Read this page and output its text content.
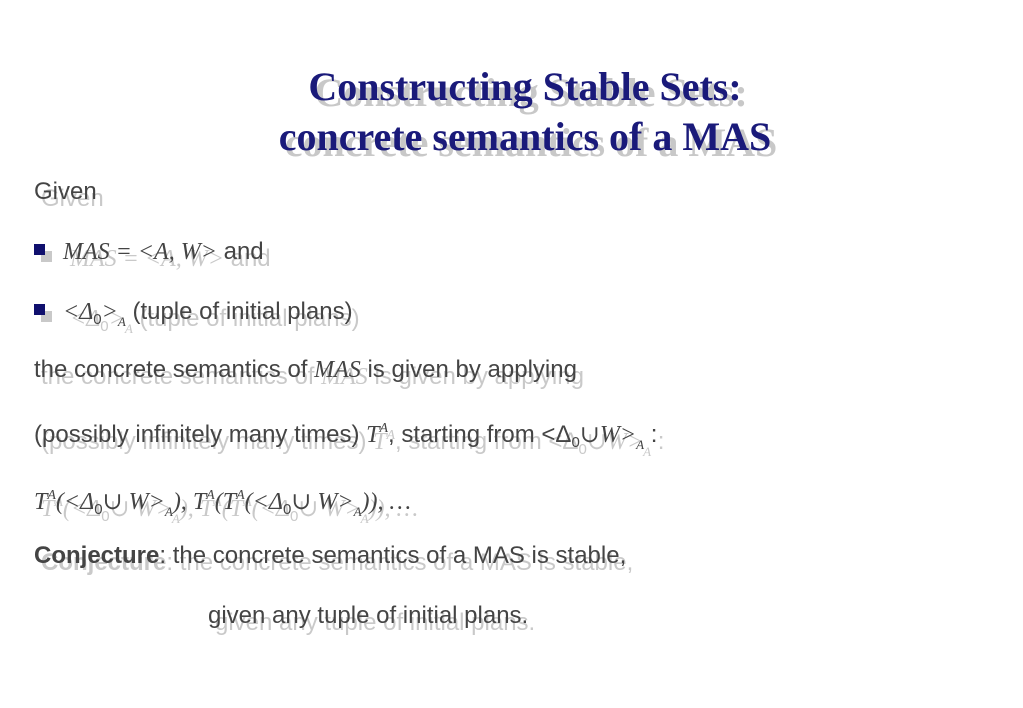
Constructing Stable Sets:
concrete semantics of a MAS
Given
MAS = <A, W> and
$<\Delta_0>_A$ (tuple of initial plans)
the concrete semantics of MAS is given by applying
(possibly infinitely many times) $T^A$, starting from $<\Delta_0\cup W>_A$ :
$T^A(<\Delta_0\cup$ $W>_A$), $T^A(T^A(<\Delta_0\cup$ $W>_A$)), …
Conjecture: the concrete semantics of a MAS is stable,
given any tuple of initial plans.
